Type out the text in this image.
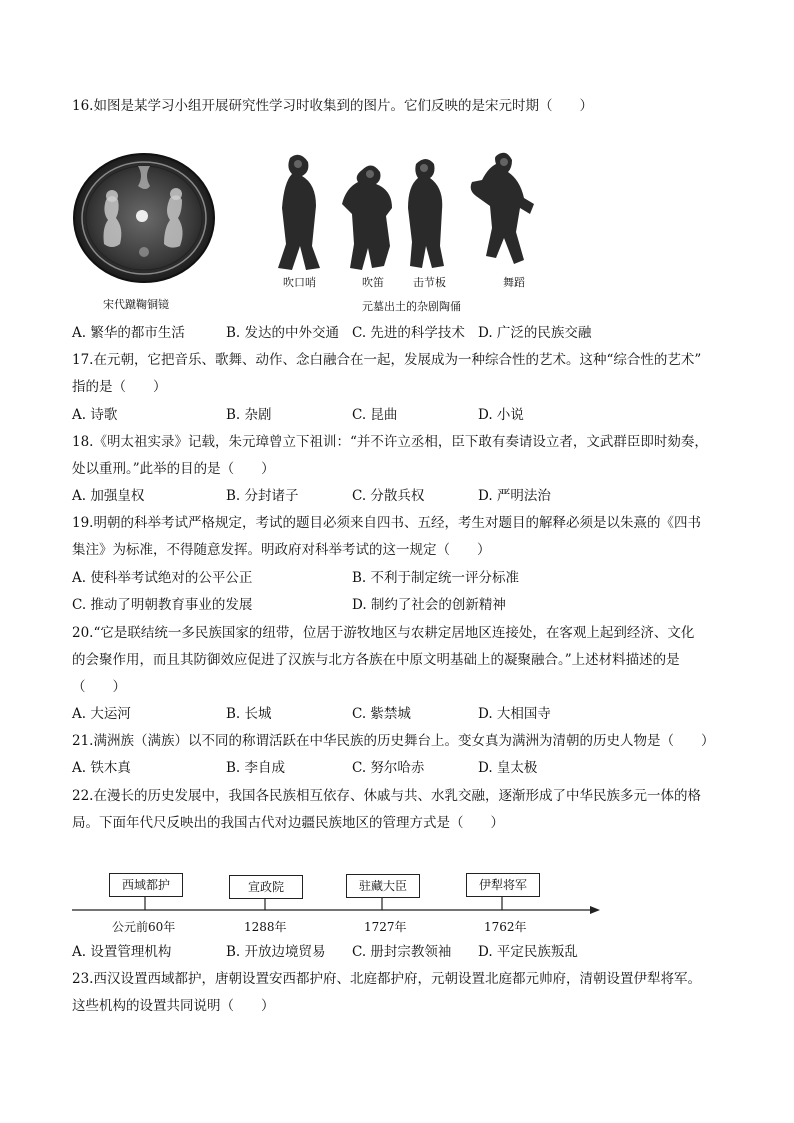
16.如图是某学习小组开展研究性学习时收集到的图片。它们反映的是宋元时期（　　）
宋代蹴鞠铜镜
吹口哨	吹笛	击节板	舞蹈
元墓出土的杂剧陶俑
A. 繁华的都市生活	B. 发达的中外交通 C. 先进的科学技术 D. 广泛的民族交融
17.在元朝，它把音乐、歌舞、动作、念白融合在一起，发展成为一种综合性的艺术。这种“综合性的艺术”
指的是（　　）
A. 诗歌	B. 杂剧	C. 昆曲	D. 小说
18.《明太祖实录》记载，朱元璋曾立下祖训：“并不许立丞相，臣下敢有奏请设立者，文武群臣即时劾奏，
处以重刑。”此举的目的是（　　）
A. 加强皇权	B. 分封诸子	C. 分散兵权	D. 严明法治
19.明朝的科举考试严格规定，考试的题目必须来自四书、五经，考生对题目的解释必须是以朱熹的《四书
集注》为标准，不得随意发挥。明政府对科举考试的这一规定（　　）
A. 使科举考试绝对的公平公正	B. 不利于制定统一评分标准
C. 推动了明朝教育事业的发展	D. 制约了社会的创新精神
20.“它是联结统一多民族国家的纽带，位居于游牧地区与农耕定居地区连接处，在客观上起到经济、文化
的会聚作用，而且其防御效应促进了汉族与北方各族在中原文明基础上的凝聚融合。”上述材料描述的是
（　　）
A. 大运河	B. 长城	C. 紫禁城	D. 大相国寺
21.满洲族（满族）以不同的称谓活跃在中华民族的历史舞台上。变女真为满洲为清朝的历史人物是（　　）
A. 铁木真	B. 李自成	C. 努尔哈赤	D. 皇太极
22.在漫长的历史发展中，我国各民族相互依存、休戚与共、水乳交融，逐渐形成了中华民族多元一体的格
局。下面年代尺反映出的我国古代对边疆民族地区的管理方式是（　　）
西域都护	宣政院	驻藏大臣	伊犁将军
公元前60年	1288年	1727年	1762年
A. 设置管理机构	B. 开放边境贸易 C. 册封宗教领袖 D. 平定民族叛乱
23.西汉设置西域都护，唐朝设置安西都护府、北庭都护府，元朝设置北庭都元帅府，清朝设置伊犁将军。
这些机构的设置共同说明（　　）
